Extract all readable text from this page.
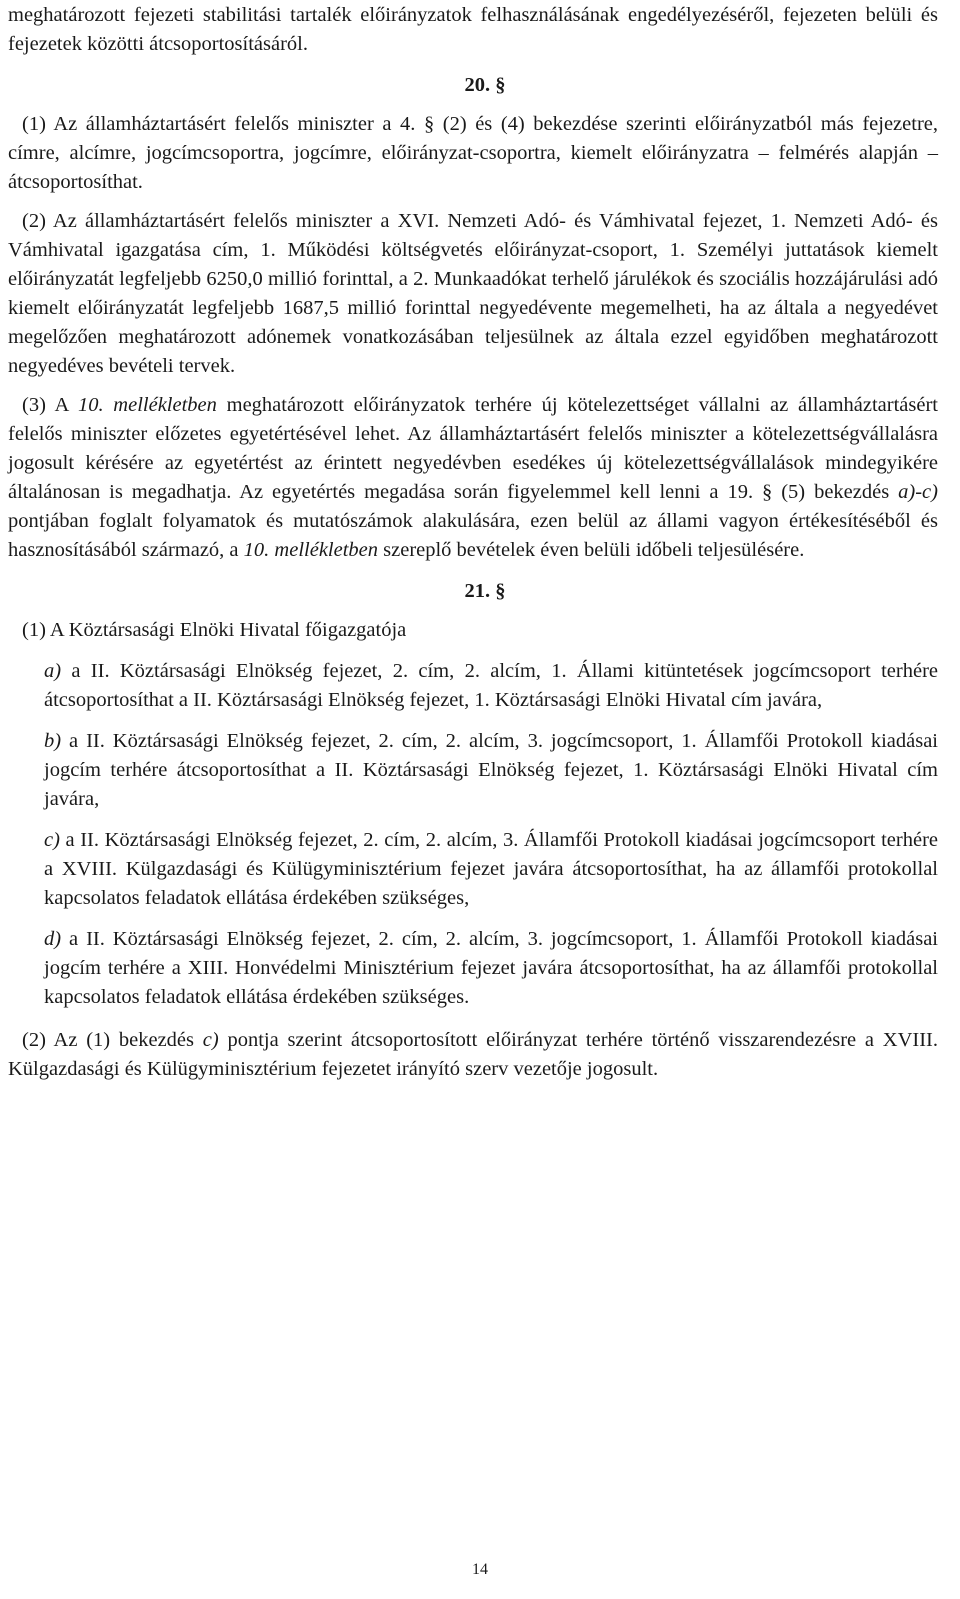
meghatározott fejezeti stabilitási tartalék előirányzatok felhasználásának engedélyezéséről, fejezeten belüli és fejezetek közötti átcsoportosításáról.

20. §

(1) Az államháztartásért felelős miniszter a 4. § (2) és (4) bekezdése szerinti előirányzatból más fejezetre, címre, alcímre, jogcímcsoportra, jogcímre, előirányzat-csoportra, kiemelt előirányzatra – felmérés alapján – átcsoportosíthat.

(2) Az államháztartásért felelős miniszter a XVI. Nemzeti Adó- és Vámhivatal fejezet, 1. Nemzeti Adó- és Vámhivatal igazgatása cím, 1. Működési költségvetés előirányzat-csoport, 1. Személyi juttatások kiemelt előirányzatát legfeljebb 6250,0 millió forinttal, a 2. Munkaadókat terhelő járulékok és szociális hozzájárulási adó kiemelt előirányzatát legfeljebb 1687,5 millió forinttal negyedévente megemelheti, ha az általa a negyedévet megelőzően meghatározott adónemek vonatkozásában teljesülnek az általa ezzel egyidőben meghatározott negyedéves bevételi tervek.

(3) A 10. mellékletben meghatározott előirányzatok terhére új kötelezettséget vállalni az államháztartásért felelős miniszter előzetes egyetértésével lehet. Az államháztartásért felelős miniszter a kötelezettségvállalásra jogosult kérésére az egyetértést az érintett negyedévben esedékes új kötelezettségvállalások mindegyikére általánosan is megadhatja. Az egyetértés megadása során figyelemmel kell lenni a 19. § (5) bekezdés a)-c) pontjában foglalt folyamatok és mutatószámok alakulására, ezen belül az állami vagyon értékesítéséből és hasznosításából származó, a 10. mellékletben szereplő bevételek éven belüli időbeli teljesülésére.

21. §

(1) A Köztársasági Elnöki Hivatal főigazgatója

a) a II. Köztársasági Elnökség fejezet, 2. cím, 2. alcím, 1. Állami kitüntetések jogcímcsoport terhére átcsoportosíthat a II. Köztársasági Elnökség fejezet, 1. Köztársasági Elnöki Hivatal cím javára,

b) a II. Köztársasági Elnökség fejezet, 2. cím, 2. alcím, 3. jogcímcsoport, 1. Államfői Protokoll kiadásai jogcím terhére átcsoportosíthat a II. Köztársasági Elnökség fejezet, 1. Köztársasági Elnöki Hivatal cím javára,

c) a II. Köztársasági Elnökség fejezet, 2. cím, 2. alcím, 3. Államfői Protokoll kiadásai jogcímcsoport terhére a XVIII. Külgazdasági és Külügyminisztérium fejezet javára átcsoportosíthat, ha az államfői protokollal kapcsolatos feladatok ellátása érdekében szükséges,

d) a II. Köztársasági Elnökség fejezet, 2. cím, 2. alcím, 3. jogcímcsoport, 1. Államfői Protokoll kiadásai jogcím terhére a XIII. Honvédelmi Minisztérium fejezet javára átcsoportosíthat, ha az államfői protokollal kapcsolatos feladatok ellátása érdekében szükséges.

(2) Az (1) bekezdés c) pontja szerint átcsoportosított előirányzat terhére történő visszarendezésre a XVIII. Külgazdasági és Külügyminisztérium fejezetet irányító szerv vezetője jogosult.

14
